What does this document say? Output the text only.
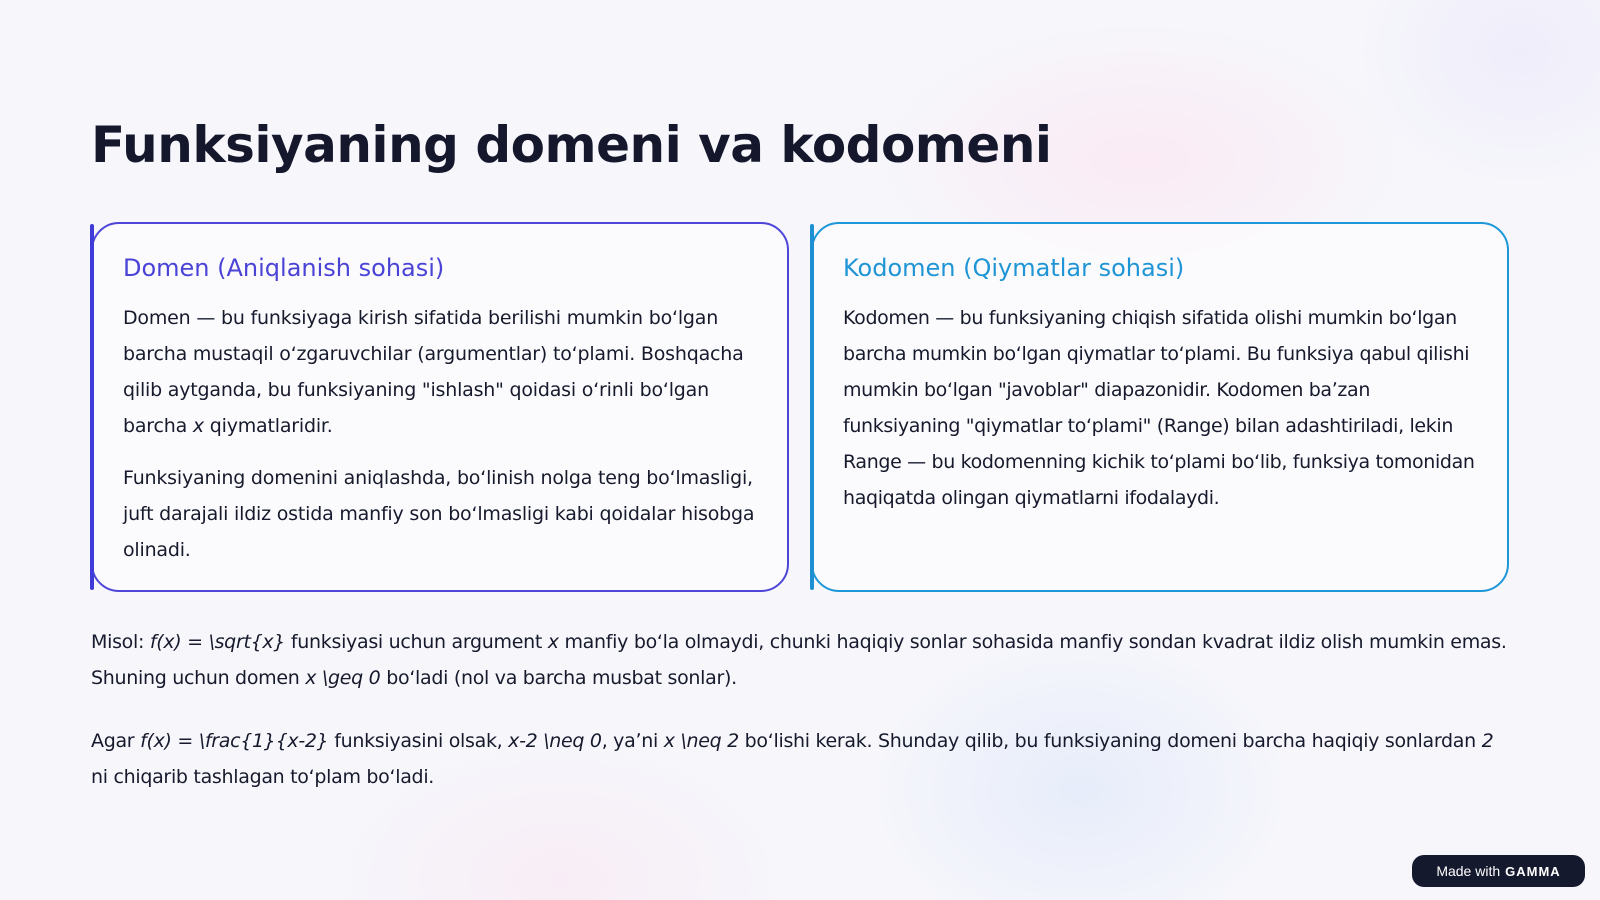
Funksiyaning domeni va kodomeni
Domen (Aniqlanish sohasi)

Domen — bu funksiyaga kirish sifatida berilishi mumkin boʻlgan barcha mustaqil oʻzgaruvchilar (argumentlar) toʻplami. Boshqacha qilib aytganda, bu funksiyaning "ishlash" qoidasi oʻrinli boʻlgan barcha x qiymatlaridir.

Funksiyaning domenini aniqlashda, boʻlinish nolga teng boʻlmasligi, juft darajali ildiz ostida manfiy son boʻlmasligi kabi qoidalar hisobga olinadi.

Kodomen (Qiymatlar sohasi)

Kodomen — bu funksiyaning chiqish sifatida olishi mumkin boʻlgan barcha mumkin boʻlgan qiymatlar toʻplami. Bu funksiya qabul qilishi mumkin boʻlgan "javoblar" diapazonidir. Kodomen baʼzan funksiyaning "qiymatlar toʻplami" (Range) bilan adashtiriladi, lekin Range — bu kodomenning kichik toʻplami boʻlib, funksiya tomonidan haqiqatda olingan qiymatlarni ifodalaydi.

Misol: f(x) = \sqrt{x} funksiyasi uchun argument x manfiy boʻla olmaydi, chunki haqiqiy sonlar sohasida manfiy sondan kvadrat ildiz olish mumkin emas. Shuning uchun domen x \geq 0 boʻladi (nol va barcha musbat sonlar).

Agar f(x) = \frac{1}{x-2} funksiyasini olsak, x-2 \neq 0, yaʼni x \neq 2 boʻlishi kerak. Shunday qilib, bu funksiyaning domeni barcha haqiqiy sonlardan 2 ni chiqarib tashlagan toʻplam boʻladi.

Made with GAMMA
